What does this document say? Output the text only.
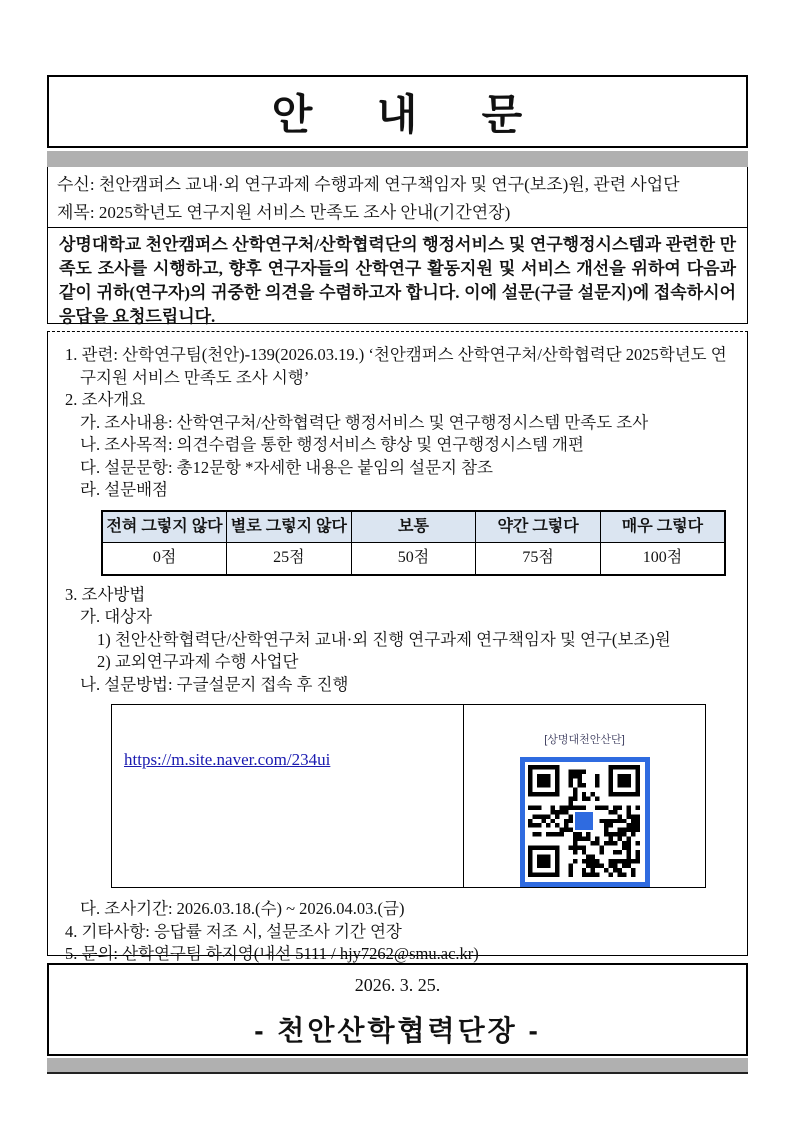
안     내     문
수신: 천안캠퍼스 교내·외 연구과제 수행과제 연구책임자 및 연구(보조)원, 관련 사업단
제목: 2025학년도 연구지원 서비스 만족도 조사 안내(기간연장)

상명대학교 천안캠퍼스 산학연구처/산학협력단의 행정서비스 및 연구행정시스템과 관련한 만족도 조사를 시행하고, 향후 연구자들의 산학연구 활동지원 및 서비스 개선을 위하여 다음과 같이 귀하(연구자)의 귀중한 의견을 수렴하고자 합니다. 이에 설문(구글 설문지)에 접속하시어 응답을 요청드립니다.

1. 관련: 산학연구팀(천안)-139(2026.03.19.) ‘천안캠퍼스 산학연구처/산학협력단 2025학년도 연구지원 서비스 만족도 조사 시행’
2. 조사개요
가. 조사내용: 산학연구처/산학협력단 행정서비스 및 연구행정시스템 만족도 조사
나. 조사목적: 의견수렴을 통한 행정서비스 향상 및 연구행정시스템 개편
다. 설문문항: 총12문항 *자세한 내용은 붙임의 설문지 참조
라. 설문배점
전혀 그렇지 않다	별로 그렇지 않다	보통	약간 그렇다	매우 그렇다
0점	25점	50점	75점	100점
3. 조사방법
가. 대상자
1) 천안산학협력단/산학연구처 교내·외 진행 연구과제 연구책임자 및 연구(보조)원
2) 교외연구과제 수행 사업단
나. 설문방법: 구글설문지 접속 후 진행
https://m.site.naver.com/234ui
[상명대천안산단]
다. 조사기간: 2026.03.18.(수) ~ 2026.04.03.(금)
4. 기타사항: 응답률 저조 시, 설문조사 기간 연장
5. 문의: 산학연구팀 하지영(내선 5111 / hjy7262@smu.ac.kr)
2026. 3. 25.
- 천안산학협력단장 -
